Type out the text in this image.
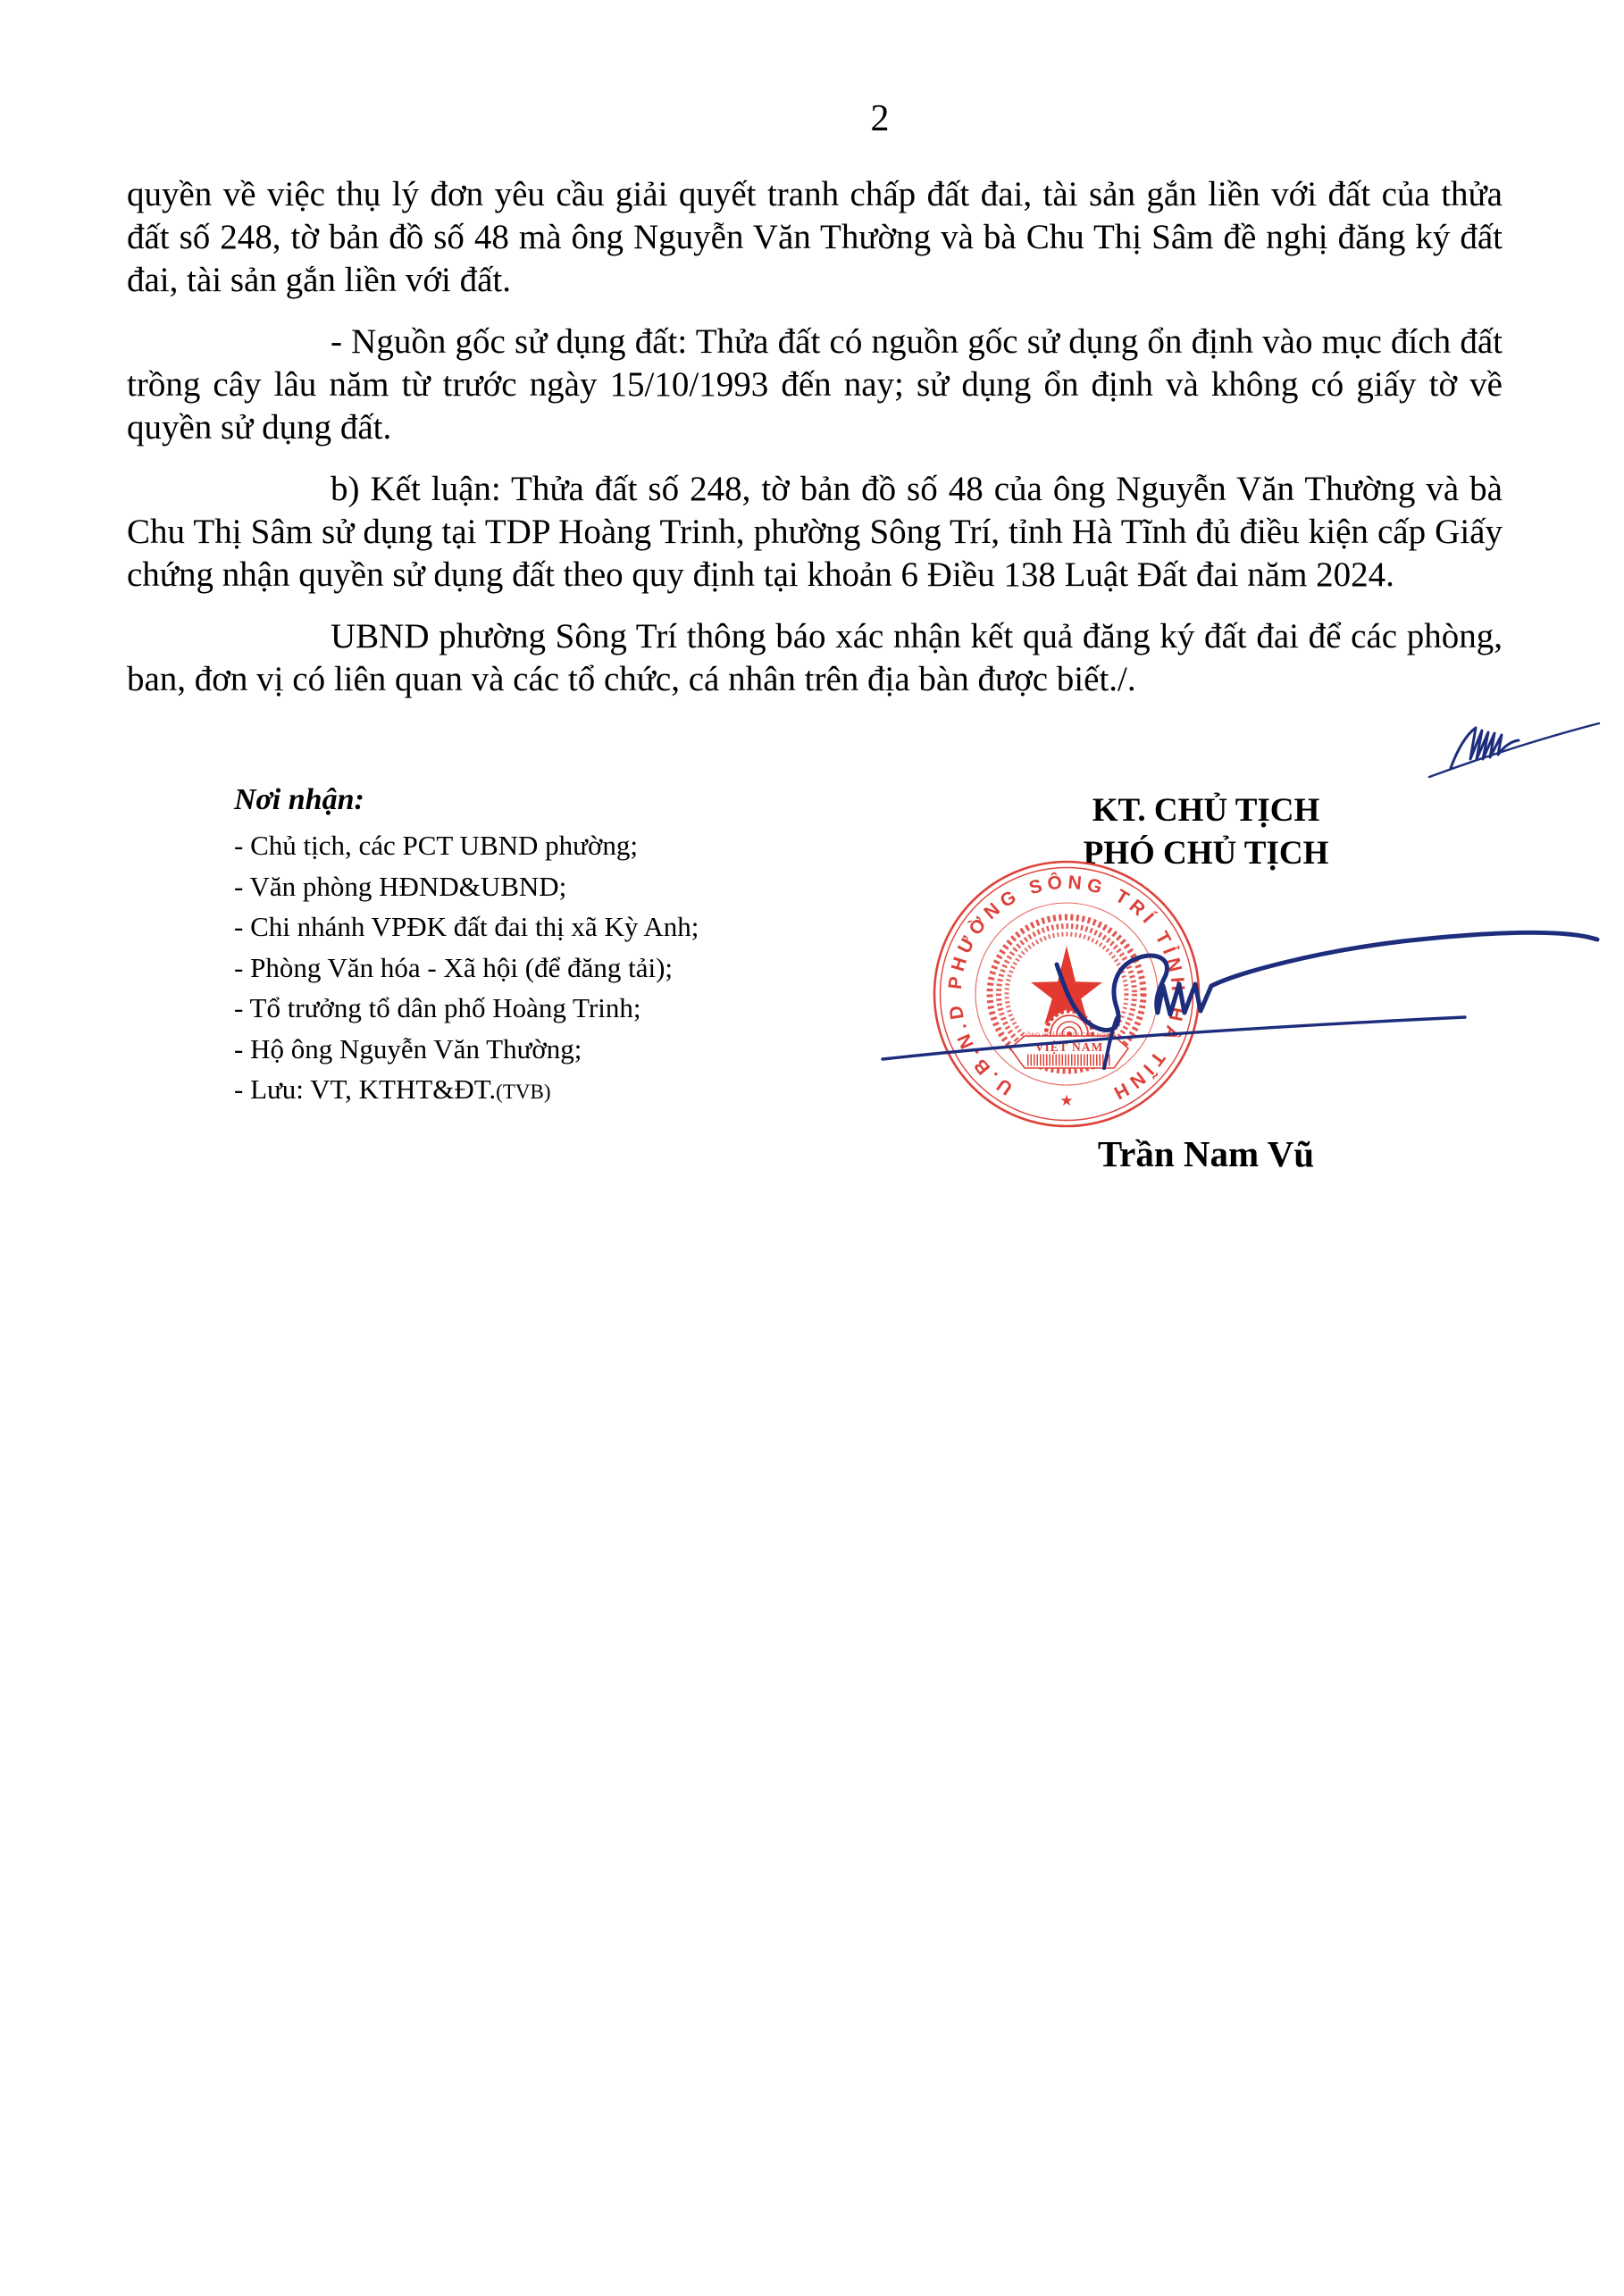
2

quyền về việc thụ lý đơn yêu cầu giải quyết tranh chấp đất đai, tài sản gắn liền với đất của thửa đất số 248, tờ bản đồ số 48 mà ông Nguyễn Văn Thường và bà Chu Thị Sâm đề nghị đăng ký đất đai, tài sản gắn liền với đất.

- Nguồn gốc sử dụng đất: Thửa đất có nguồn gốc sử dụng ổn định vào mục đích đất trồng cây lâu năm từ trước ngày 15/10/1993 đến nay; sử dụng ổn định và không có giấy tờ về quyền sử dụng đất.

b) Kết luận: Thửa đất số 248, tờ bản đồ số 48 của ông Nguyễn Văn Thường và bà Chu Thị Sâm sử dụng tại TDP Hoàng Trinh, phường Sông Trí, tỉnh Hà Tĩnh đủ điều kiện cấp Giấy chứng nhận quyền sử dụng đất theo quy định tại khoản 6 Điều 138 Luật Đất đai năm 2024.

UBND phường Sông Trí thông báo xác nhận kết quả đăng ký đất đai để các phòng, ban, đơn vị có liên quan và các tổ chức, cá nhân trên địa bàn được biết./.

Nơi nhận:
- Chủ tịch, các PCT UBND phường;
- Văn phòng HĐND&UBND;
- Chi nhánh VPĐK đất đai thị xã Kỳ Anh;
- Phòng Văn hóa - Xã hội (để đăng tải);
- Tổ trưởng tổ dân phố Hoàng Trinh;
- Hộ ông Nguyễn Văn Thường;
- Lưu: VT, KTHT&ĐT.(TVB)
KT. CHỦ TỊCH
PHÓ CHỦ TỊCH
U.B.N.D PHƯỜNG SÔNG TRÍ TỈNH HÀ TĨNH
★
CỘNG HOÀ XÃ HỘI CHỦ NGHĨA
VIỆT NAM
Trần Nam Vũ
